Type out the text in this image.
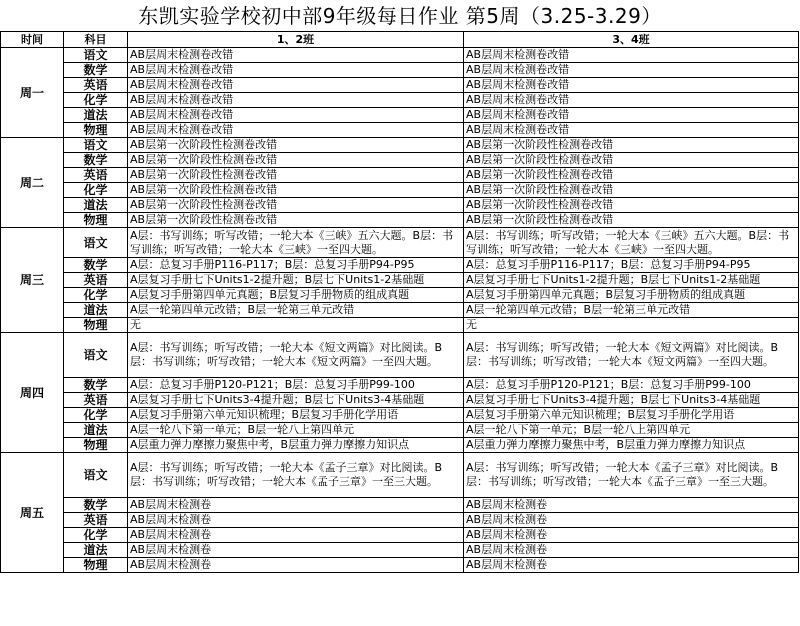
东凯实验学校初中部9年级每日作业 第5周（3.25-3.29）
时间	科目	1、2班	3、4班
周一	语文	AB层周末检测卷改错	AB层周末检测卷改错
	数学	AB层周末检测卷改错	AB层周末检测卷改错
	英语	AB层周末检测卷改错	AB层周末检测卷改错
	化学	AB层周末检测卷改错	AB层周末检测卷改错
	道法	AB层周末检测卷改错	AB层周末检测卷改错
	物理	AB层周末检测卷改错	AB层周末检测卷改错
周二	语文	AB层第一次阶段性检测卷改错	AB层第一次阶段性检测卷改错
	数学	AB层第一次阶段性检测卷改错	AB层第一次阶段性检测卷改错
	英语	AB层第一次阶段性检测卷改错	AB层第一次阶段性检测卷改错
	化学	AB层第一次阶段性检测卷改错	AB层第一次阶段性检测卷改错
	道法	AB层第一次阶段性检测卷改错	AB层第一次阶段性检测卷改错
	物理	AB层第一次阶段性检测卷改错	AB层第一次阶段性检测卷改错
周三	语文	A层：书写训练；听写改错；一轮大本《三峡》五六大题。B层：书写训练；听写改错；一轮大本《三峡》一至四大题。	A层：书写训练；听写改错；一轮大本《三峡》五六大题。B层：书写训练；听写改错；一轮大本《三峡》一至四大题。
	数学	A层：总复习手册P116-P117；B层：总复习手册P94-P95	A层：总复习手册P116-P117；B层：总复习手册P94-P95
	英语	A层复习手册七下Units1-2提升题；B层七下Units1-2基础题	A层复习手册七下Units1-2提升题；B层七下Units1-2基础题
	化学	A层复习手册第四单元真题；B层复习手册物质的组成真题	A层复习手册第四单元真题；B层复习手册物质的组成真题
	道法	A层一轮第四单元改错；B层一轮第三单元改错	A层一轮第四单元改错；B层一轮第三单元改错
	物理	无	无
周四	语文	A层：书写训练；听写改错；一轮大本《短文两篇》对比阅读。B层：书写训练；听写改错；一轮大本《短文两篇》一至四大题。	A层：书写训练；听写改错；一轮大本《短文两篇》对比阅读。B层：书写训练；听写改错；一轮大本《短文两篇》一至四大题。
	数学	A层：总复习手册P120-P121；B层：总复习手册P99-100	A层：总复习手册P120-P121；B层：总复习手册P99-100
	英语	A层复习手册七下Units3-4提升题；B层七下Units3-4基础题	A层复习手册七下Units3-4提升题；B层七下Units3-4基础题
	化学	A层复习手册第六单元知识梳理；B层复习手册化学用语	A层复习手册第六单元知识梳理；B层复习手册化学用语
	道法	A层一轮八下第一单元；B层一轮八上第四单元	A层一轮八下第一单元；B层一轮八上第四单元
	物理	A层重力弹力摩擦力聚焦中考，B层重力弹力摩擦力知识点	A层重力弹力摩擦力聚焦中考，B层重力弹力摩擦力知识点
周五	语文	A层：书写训练；听写改错；一轮大本《孟子三章》对比阅读。B层：书写训练；听写改错；一轮大本《孟子三章》一至三大题。	A层：书写训练；听写改错；一轮大本《孟子三章》对比阅读。B层：书写训练；听写改错；一轮大本《孟子三章》一至三大题。
	数学	AB层周末检测卷	AB层周末检测卷
	英语	AB层周末检测卷	AB层周末检测卷
	化学	AB层周末检测卷	AB层周末检测卷
	道法	AB层周末检测卷	AB层周末检测卷
	物理	AB层周末检测卷	AB层周末检测卷
